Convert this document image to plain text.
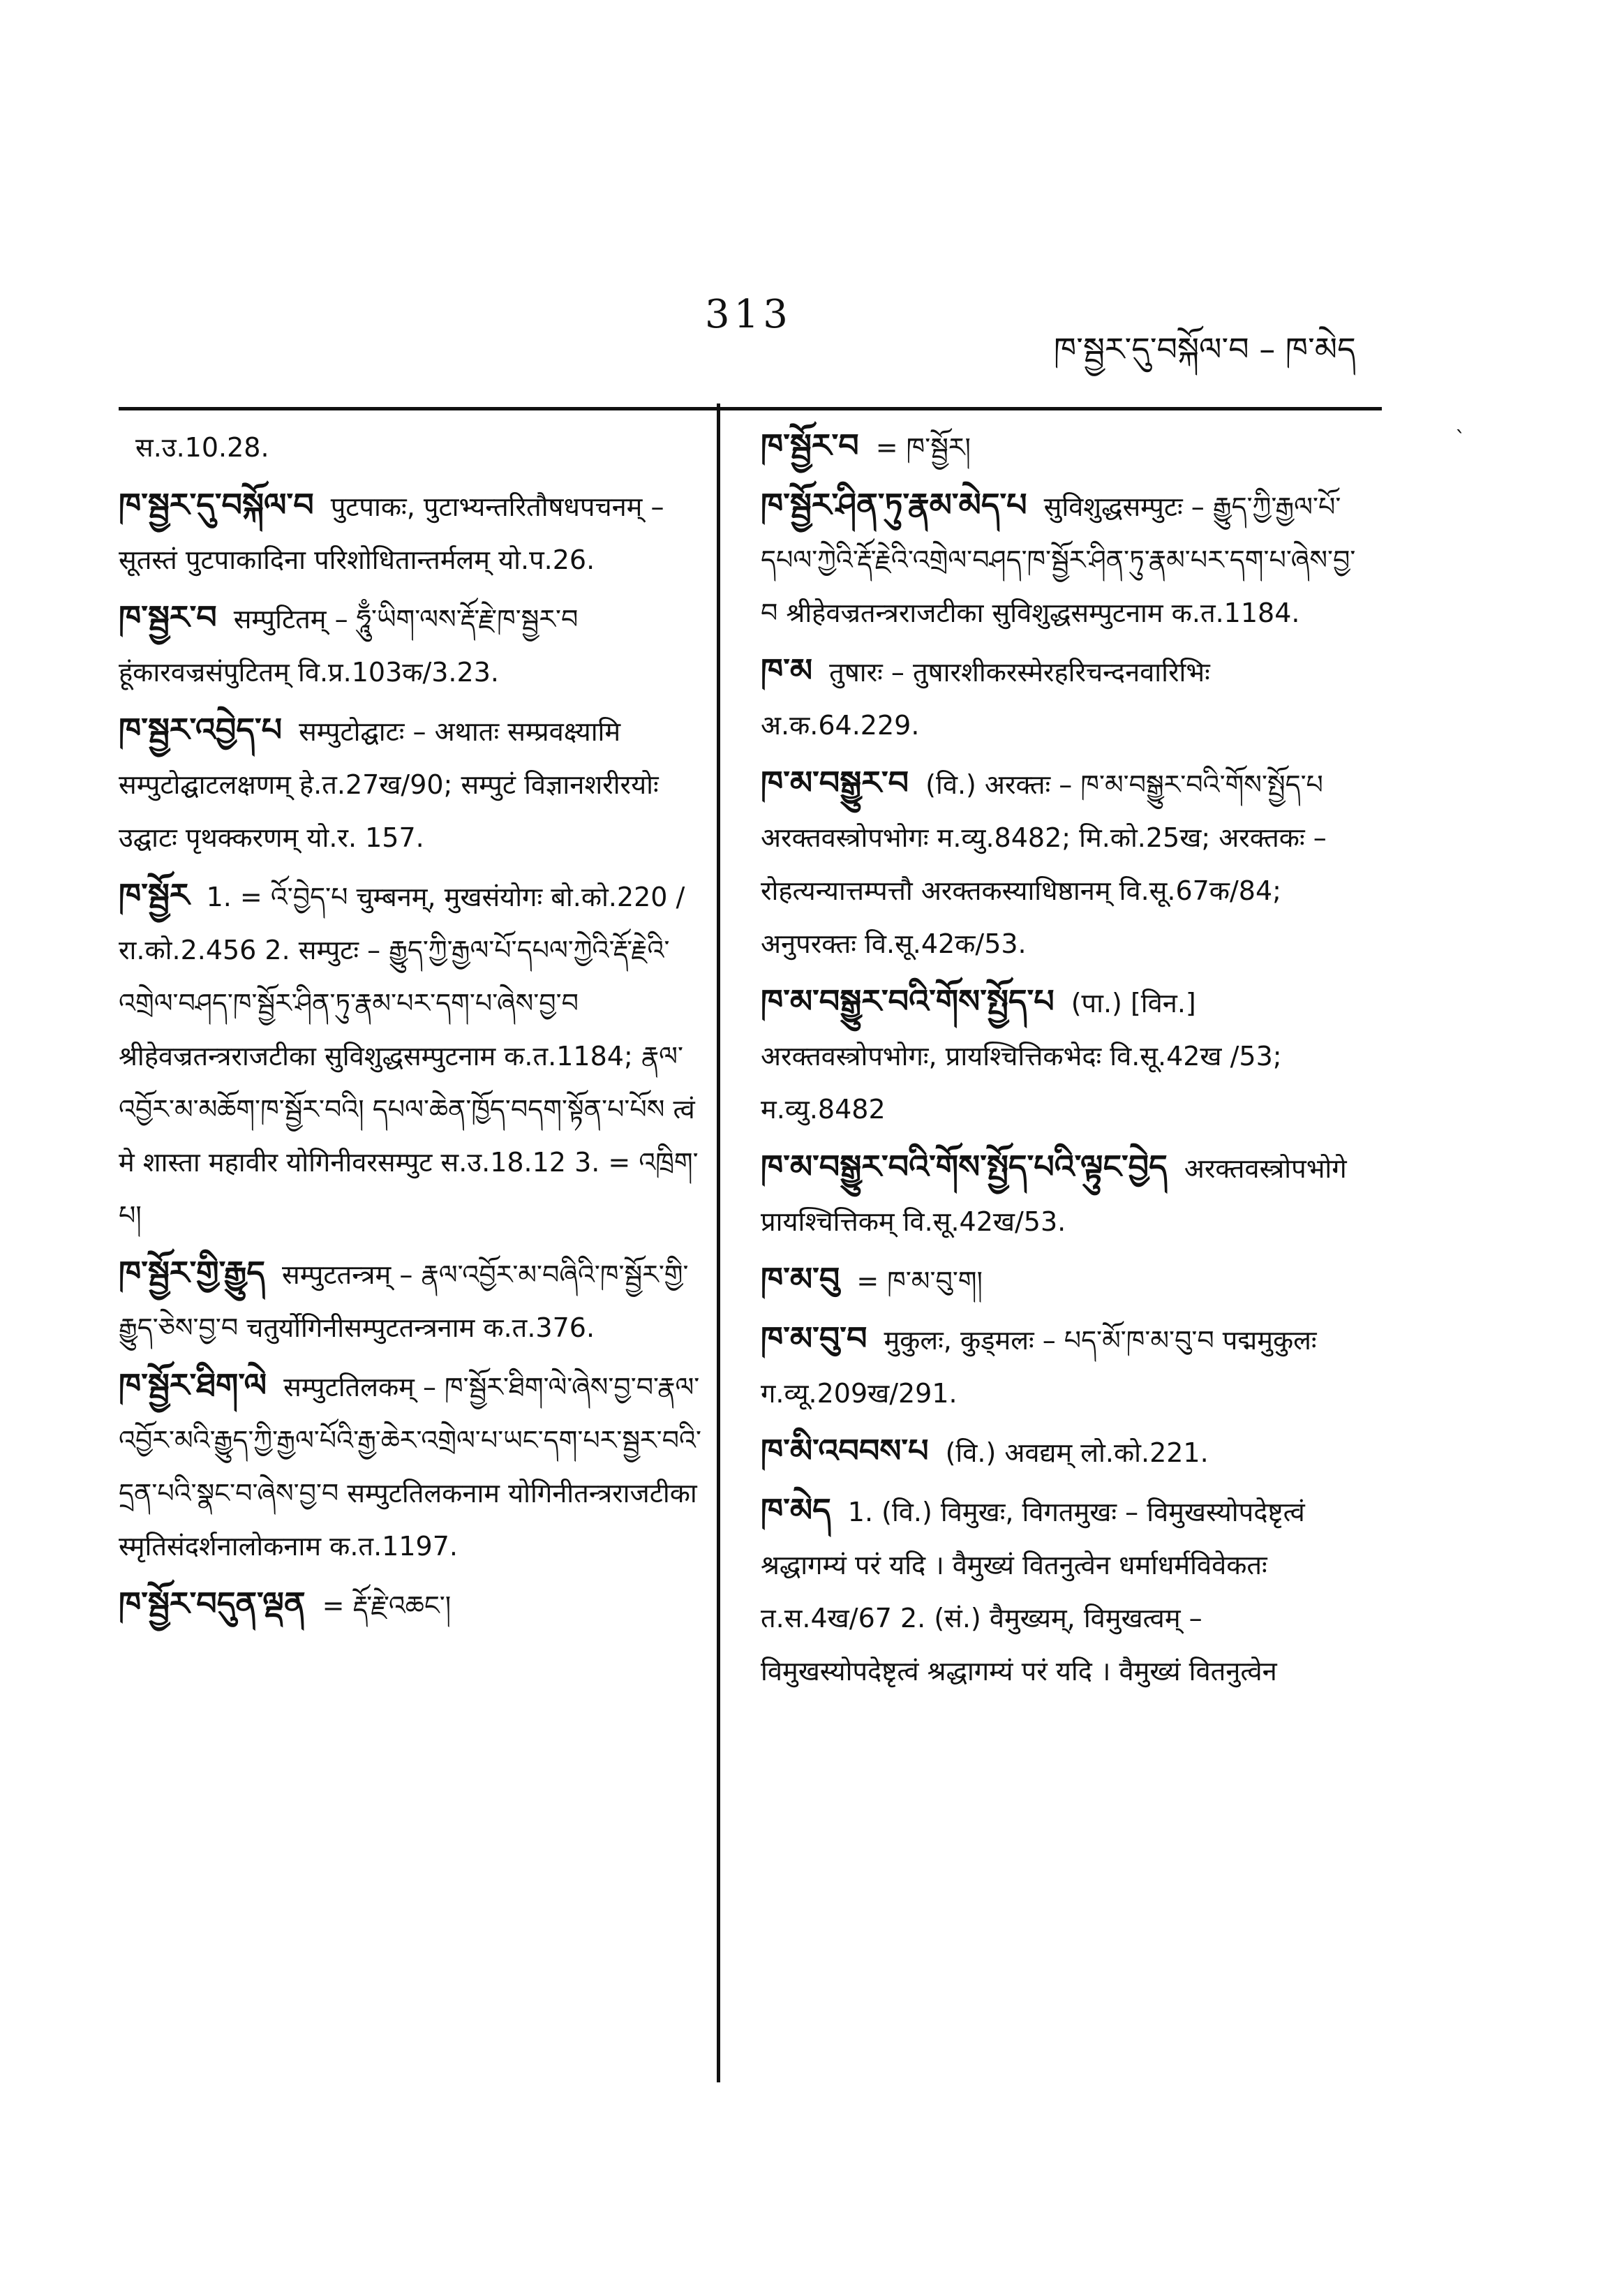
313
ཁ་སྦྱར་དུ་བསྐོལ་བ – ཁ་མེད
`
स.उ.10.28.
ཁ་སྦྱར་དུ་བསྐོལ་བ पुटपाकः, पुटाभ्यन्तरितौषधपचनम् – सूतस्तं पुटपाकादिना परिशोधितान्तर्मलम् यो.प.26.
ཁ་སྦྱར་བ सम्पुटितम् – ཧཱུྃ་ཡིག་ལས་རྡོ་རྗེ་ཁ་སྦྱར་བ हूंकारवज्रसंपुटितम् वि.प्र.103क/3.23.
ཁ་སྦྱར་འབྱེད་པ सम्पुटोद्घाटः – अथातः सम्प्रवक्ष्यामि सम्पुटोद्घाटलक्षणम् हे.त.27ख/90; सम्पुटं विज्ञानशरीरयोः उद्घाटः पृथक्करणम् यो.र. 157.
ཁ་སྦྱོར 1. = འོ་བྱེད་པ चुम्बनम्, मुखसंयोगः बो.को.220 / रा.को.2.456 2. सम्पुटः – རྒྱུད་ཀྱི་རྒྱལ་པོ་དཔལ་ཀྱེའི་རྡོ་རྗེའི་འགྲེལ་བཤད་ཁ་སྦྱོར་ཤིན་ཏུ་རྣམ་པར་དག་པ་ཞེས་བྱ་བ श्रीहेवज्रतन्त्रराजटीका सुविशुद्धसम्पुटनाम क.त.1184; རྣལ་འབྱོར་མ་མཆོག་ཁ་སྦྱོར་བའི། དཔལ་ཆེན་ཁྱོད་བདག་སྟོན་པ་པོས त्वं मे शास्ता महावीर योगिनीवरसम्पुट स.उ.18.12 3. = འཁྲིག་པ།
ཁ་སྦྱོར་གྱི་རྒྱུད सम्पुटतन्त्रम् – རྣལ་འབྱོར་མ་བཞིའི་ཁ་སྦྱོར་གྱི་རྒྱུད་ཅེས་བྱ་བ चतुर्योगिनीसम्पुटतन्त्रनाम क.त.376.
ཁ་སྦྱོར་ཐིག་ལེ सम्पुटतिलकम् – ཁ་སྦྱོར་ཐིག་ལེ་ཞེས་བྱ་བ་རྣལ་འབྱོར་མའི་རྒྱུད་ཀྱི་རྒྱལ་པོའི་རྒྱ་ཆེར་འགྲེལ་པ་ཡང་དག་པར་སྦྱར་བའི་དྲན་པའི་སྣང་བ་ཞེས་བྱ་བ सम्पुटतिलकनाम योगिनीतन्त्रराजटीका स्मृतिसंदर्शनालोकनाम क.त.1197.
ཁ་སྦྱོར་བདུན་ལྡན = རྡོ་རྗེ་འཆང་།
ཁ་སྦྱོར་བ = ཁ་སྦྱོར།
ཁ་སྦྱོར་ཤིན་ཏུ་རྣམ་མེད་པ सुविशुद्धसम्पुटः – རྒྱུད་ཀྱི་རྒྱལ་པོ་དཔལ་ཀྱེའི་རྡོ་རྗེའི་འགྲེལ་བཤད་ཁ་སྦྱོར་ཤིན་ཏུ་རྣམ་པར་དག་པ་ཞེས་བྱ་བ श्रीहेवज्रतन्त्रराजटीका सुविशुद्धसम्पुटनाम क.त.1184.
ཁ་མ तुषारः – तुषारशीकरस्मेरहरिचन्दनवारिभिः अ.क.64.229.
ཁ་མ་བསྒྱུར་བ (वि.) अरक्तः – ཁ་མ་བསྒྱུར་བའི་གོས་སྤྱོད་པ अरक्तवस्त्रोपभोगः म.व्यु.8482; मि.को.25ख; अरक्तकः – रोहत्यन्यात्तम्पत्तौ अरक्तकस्याधिष्ठानम् वि.सू.67क/84; अनुपरक्तः वि.सू.42क/53.
ཁ་མ་བསྒྱུར་བའི་གོས་སྤྱོད་པ (पा.) [विन.] अरक्तवस्त्रोपभोगः, प्रायश्चित्तिकभेदः वि.सू.42ख /53; म.व्यु.8482
ཁ་མ་བསྒྱུར་བའི་གོས་སྤྱོད་པའི་ལྟུང་བྱེད अरक्तवस्त्रोपभोगे प्रायश्चित्तिकम् वि.सू.42ख/53.
ཁ་མ་བུ = ཁ་མ་བུ་ག།
ཁ་མ་བུ་བ मुकुलः, कुड्मलः – པད་མོ་ཁ་མ་བུ་བ पद्ममुकुलः ग.व्यू.209ख/291.
ཁ་མི་འབབས་པ (वि.) अवद्यम् लो.को.221.
ཁ་མེད 1. (वि.) विमुखः, विगतमुखः – विमुखस्योपदेष्टृत्वं श्रद्धागम्यं परं यदि । वैमुख्यं वितनुत्वेन धर्माधर्मविवेकतः त.स.4ख/67 2. (सं.) वैमुख्यम्, विमुखत्वम् – विमुखस्योपदेष्टृत्वं श्रद्धागम्यं परं यदि । वैमुख्यं वितनुत्वेन
